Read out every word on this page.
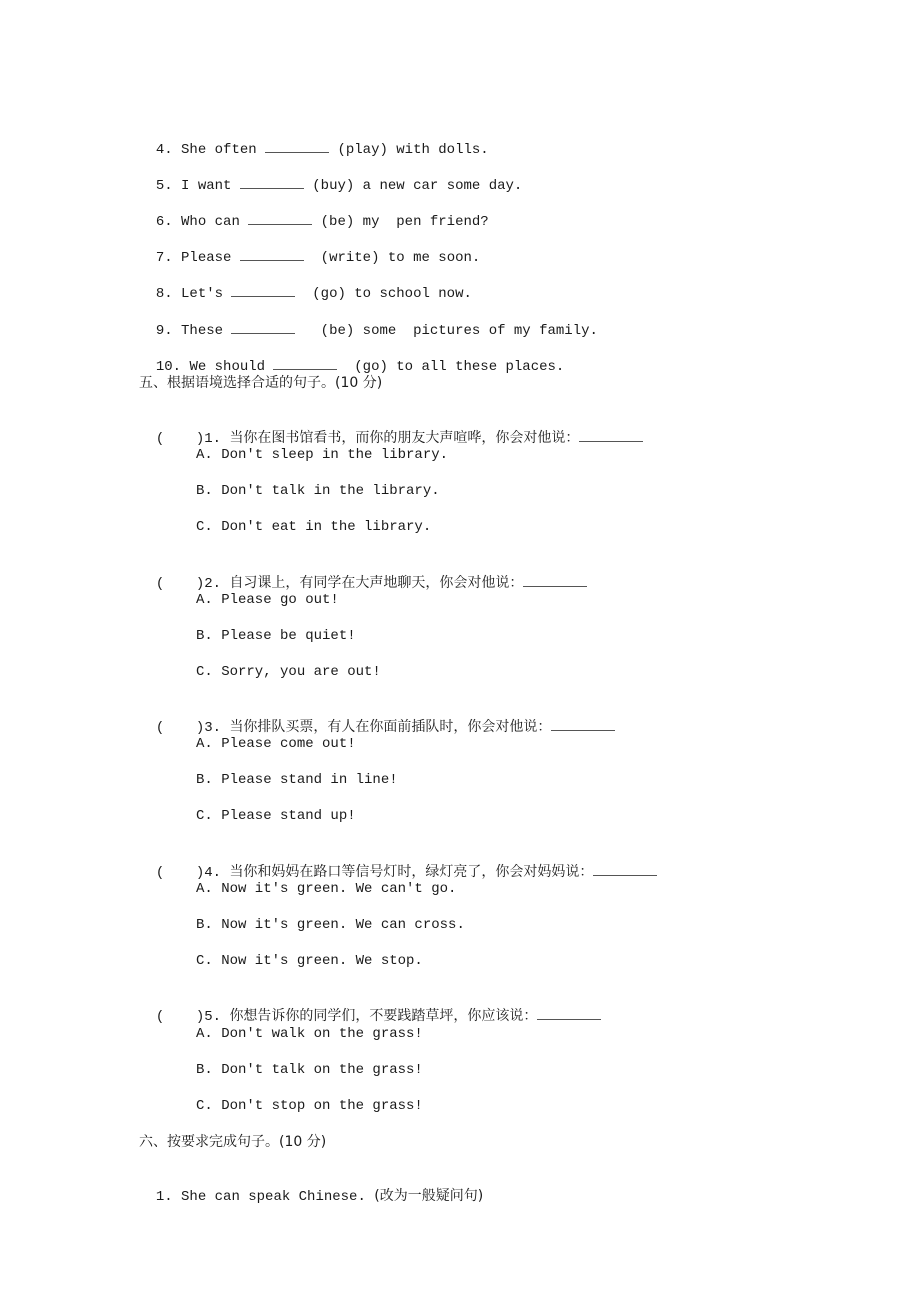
4. She often	(play) with dolls.

5. I want	(buy) a new car some day.

6. Who can	(be) my  pen friend?

7. Please	(write) to me soon.

8. Let's	(go) to school now.

9. These	(be) some  pictures of my family.

10. We should	(go) to all these places.

五、根据语境选择合适的句子。(10 分)

( )1. 当你在图书馆看书，而你的朋友大声喧哗，你会对他说：

A. Don't sleep in the library.
B. Don't talk in the library.
C. Don't eat in the library.

( )2. 自习课上，有同学在大声地聊天，你会对他说：

A. Please go out!
B. Please be quiet!
C. Sorry, you are out!

( )3. 当你排队买票，有人在你面前插队时，你会对他说：

A. Please come out!
B. Please stand in line!
C. Please stand up!

( )4. 当你和妈妈在路口等信号灯时，绿灯亮了，你会对妈妈说：

A. Now it's green. We can't go.
B. Now it's green. We can cross.
C. Now it's green. We stop.

( )5. 你想告诉你的同学们，不要践踏草坪，你应该说：

A. Don't walk on the grass!
B. Don't talk on the grass!
C. Don't stop on the grass!
六、按要求完成句子。(10 分)

1. She can speak Chinese. (改为一般疑问句)
